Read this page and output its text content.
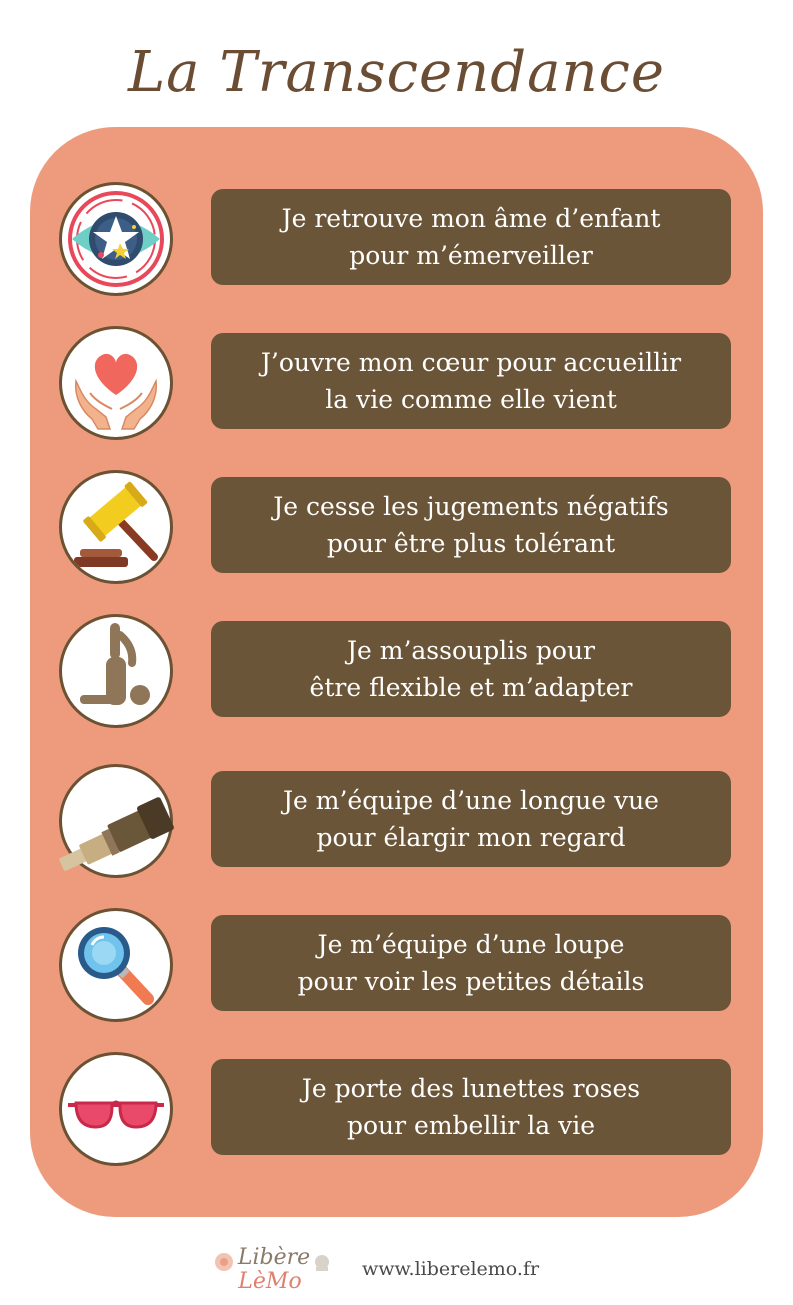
La Transcendance
Je retrouve mon âme d’enfant
pour m’émerveiller
J’ouvre mon cœur pour accueillir
la vie comme elle vient
Je cesse les jugements négatifs
pour être plus tolérant
Je m’assouplis pour
être flexible et m’adapter
Je m’équipe d’une longue vue
pour élargir mon regard
Je m’équipe d’une loupe
pour voir les petites détails
Je porte des lunettes roses
pour embellir la vie
Libère
LèMo	www.liberelemo.fr
